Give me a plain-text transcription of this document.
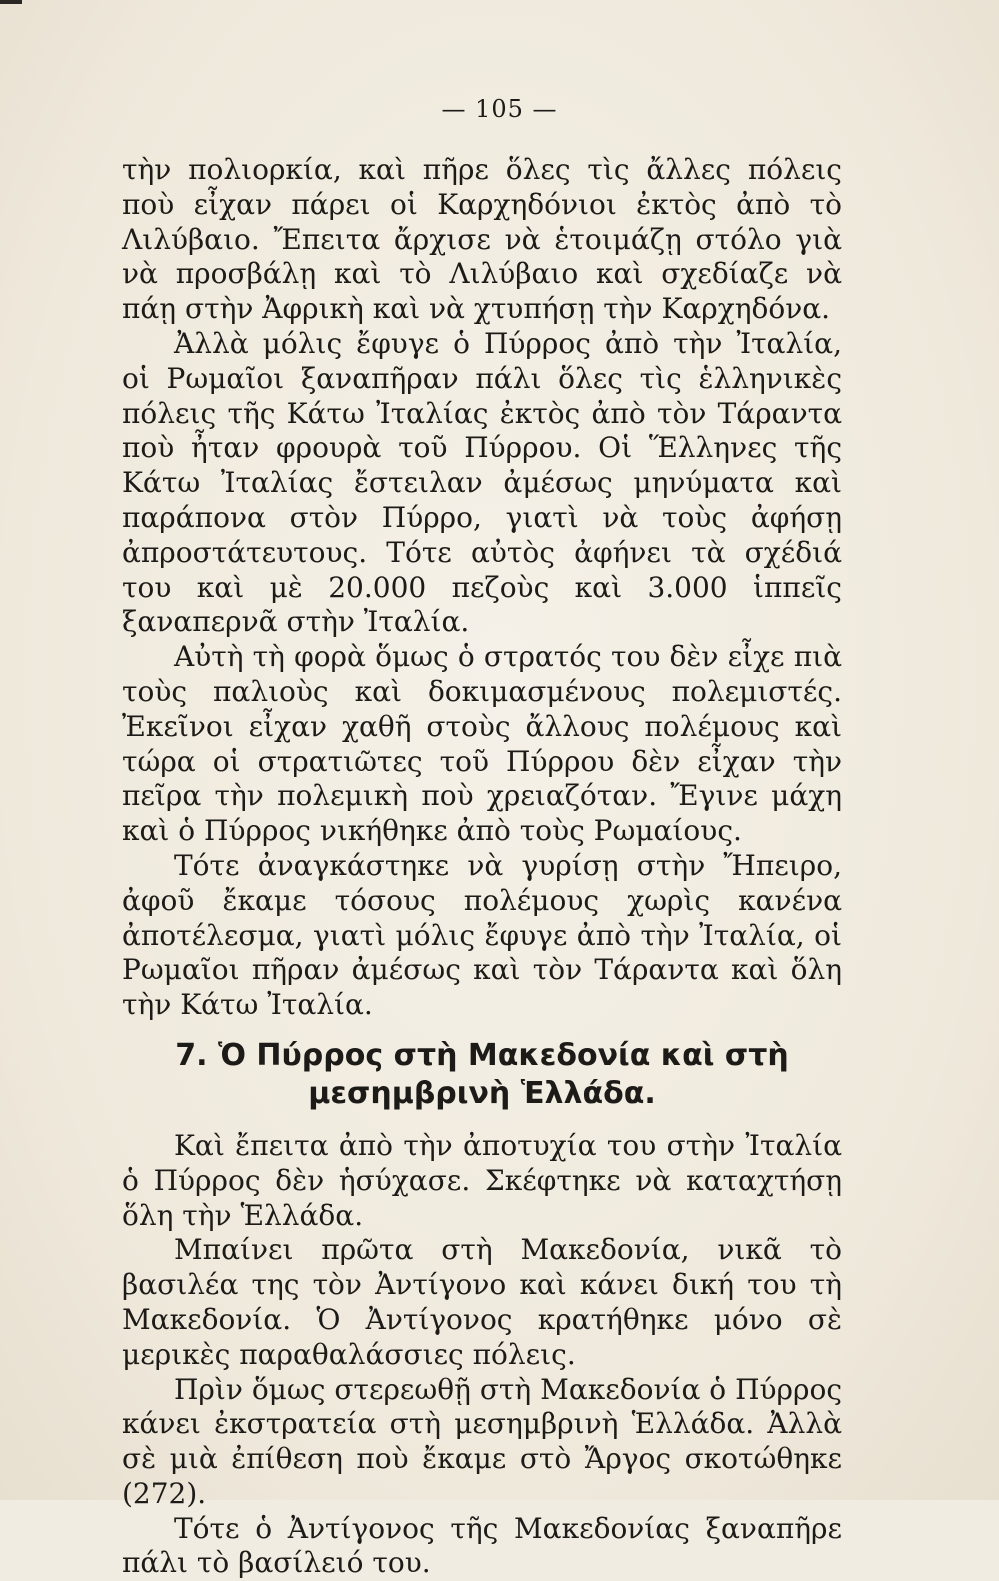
— 105 —

τὴν πολιορκία, καὶ πῆρε ὅλες τὶς ἄλλες πόλεις ποὺ εἶχαν πάρει οἱ Καρχηδόνιοι ἐκτὸς ἀπὸ τὸ Λιλύβαιο. Ἔπειτα ἄρχισε νὰ ἑτοιμάζῃ στόλο γιὰ νὰ προσβάλῃ καὶ τὸ Λιλύβαιο καὶ σχεδίαζε νὰ πάῃ στὴν Ἀφρικὴ καὶ νὰ χτυπήσῃ τὴν Καρχηδόνα.

Ἀλλὰ μόλις ἔφυγε ὁ Πύρρος ἀπὸ τὴν Ἰταλία, οἱ Ρωμαῖοι ξαναπῆραν πάλι ὅλες τὶς ἑλληνικὲς πόλεις τῆς Κάτω Ἰταλίας ἐκτὸς ἀπὸ τὸν Τάραντα ποὺ ἦταν φρουρὰ τοῦ Πύρρου. Οἱ Ἕλληνες τῆς Κάτω Ἰταλίας ἔστειλαν ἀμέσως μηνύματα καὶ παράπονα στὸν Πύρρο, γιατὶ νὰ τοὺς ἀφήσῃ ἀπροστάτευτους. Τότε αὐτὸς ἀφήνει τὰ σχέδιά του καὶ μὲ 20.000 πεζοὺς καὶ 3.000 ἱππεῖς ξαναπερνᾶ στὴν Ἰταλία.

Αὐτὴ τὴ φορὰ ὅμως ὁ στρατός του δὲν εἶχε πιὰ τοὺς παλιοὺς καὶ δοκιμασμένους πολεμιστές. Ἐκεῖνοι εἶχαν χαθῆ στοὺς ἄλλους πολέμους καὶ τώρα οἱ στρατιῶτες τοῦ Πύρρου δὲν εἶχαν τὴν πεῖρα τὴν πολεμικὴ ποὺ χρειαζόταν. Ἔγινε μάχη καὶ ὁ Πύρρος νικήθηκε ἀπὸ τοὺς Ρωμαίους.

Τότε ἀναγκάστηκε νὰ γυρίσῃ στὴν Ἤπειρο, ἀφοῦ ἔκαμε τόσους πολέμους χωρὶς κανένα ἀποτέλεσμα, γιατὶ μόλις ἔφυγε ἀπὸ τὴν Ἰταλία, οἱ Ρωμαῖοι πῆραν ἀμέσως καὶ τὸν Τάραντα καὶ ὅλη τὴν Κάτω Ἰταλία.

7. Ὁ Πύρρος στὴ Μακεδονία καὶ στὴ
μεσημβρινὴ Ἑλλάδα.

Καὶ ἔπειτα ἀπὸ τὴν ἀποτυχία του στὴν Ἰταλία ὁ Πύρρος δὲν ἡσύχασε. Σκέφτηκε νὰ καταχτήσῃ ὅλη τὴν Ἑλλάδα.

Μπαίνει πρῶτα στὴ Μακεδονία, νικᾶ τὸ βασιλέα της τὸν Ἀντίγονο καὶ κάνει δική του τὴ Μακεδονία. Ὁ Ἀντίγονος κρατήθηκε μόνο σὲ μερικὲς παραθαλάσσιες πόλεις.

Πρὶν ὅμως στερεωθῇ στὴ Μακεδονία ὁ Πύρρος κάνει ἐκστρατεία στὴ μεσημβρινὴ Ἑλλάδα. Ἀλλὰ σὲ μιὰ ἐπίθεση ποὺ ἔκαμε στὸ Ἄργος σκοτώθηκε (272).

Τότε ὁ Ἀντίγονος τῆς Μακεδονίας ξαναπῆρε πάλι τὸ βασίλειό του.
